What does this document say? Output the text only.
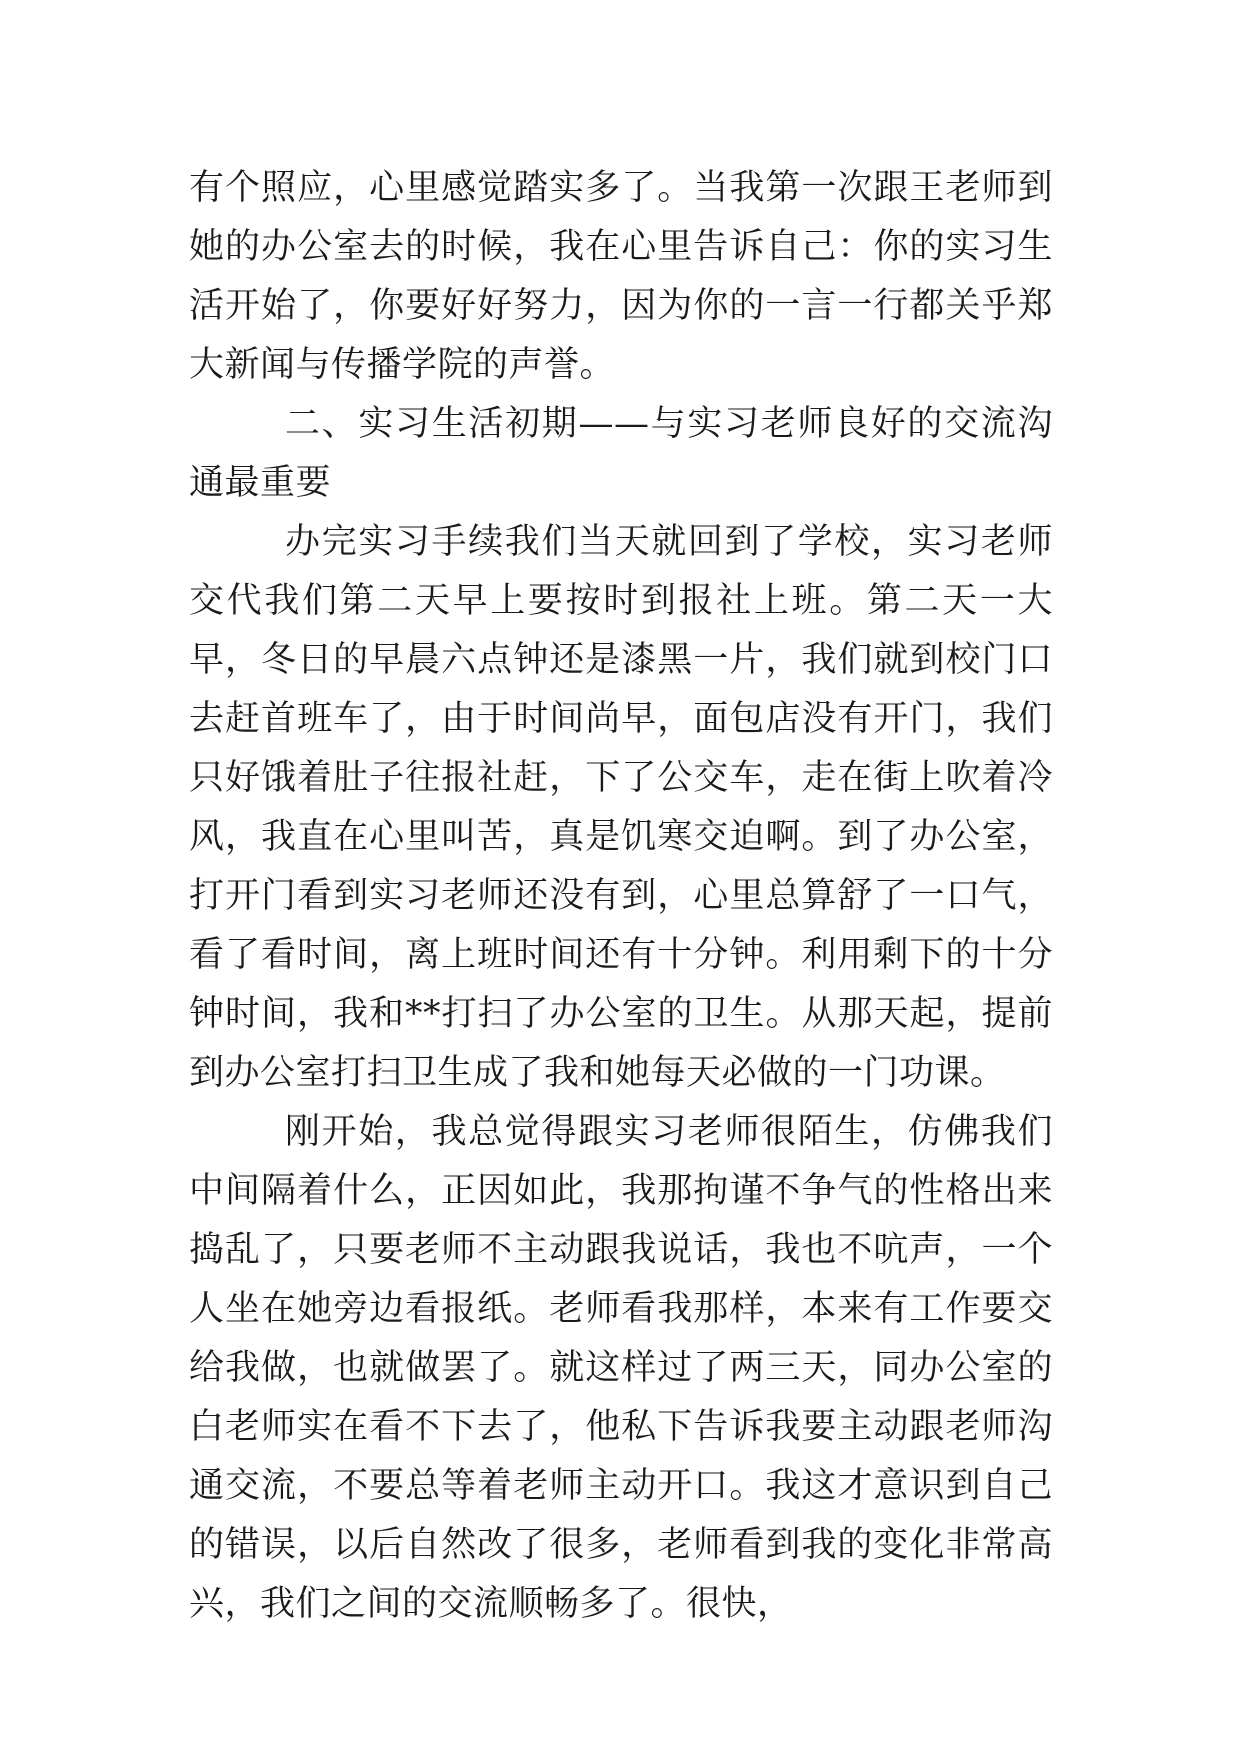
有个照应，心里感觉踏实多了。当我第一次跟王老师到她的办公室去的时候，我在心里告诉自己：你的实习生活开始了，你要好好努力，因为你的一言一行都关乎郑大新闻与传播学院的声誉。

二、实习生活初期——与实习老师良好的交流沟通最重要

办完实习手续我们当天就回到了学校，实习老师交代我们第二天早上要按时到报社上班。第二天一大早，冬日的早晨六点钟还是漆黑一片，我们就到校门口去赶首班车了，由于时间尚早，面包店没有开门，我们只好饿着肚子往报社赶，下了公交车，走在街上吹着冷风，我直在心里叫苦，真是饥寒交迫啊。到了办公室，打开门看到实习老师还没有到，心里总算舒了一口气，看了看时间，离上班时间还有十分钟。利用剩下的十分钟时间，我和**打扫了办公室的卫生。从那天起，提前到办公室打扫卫生成了我和她每天必做的一门功课。

刚开始，我总觉得跟实习老师很陌生，仿佛我们中间隔着什么，正因如此，我那拘谨不争气的性格出来捣乱了，只要老师不主动跟我说话，我也不吭声，一个人坐在她旁边看报纸。老师看我那样，本来有工作要交给我做，也就做罢了。就这样过了两三天，同办公室的白老师实在看不下去了，他私下告诉我要主动跟老师沟通交流，不要总等着老师主动开口。我这才意识到自己的错误，以后自然改了很多，老师看到我的变化非常高兴，我们之间的交流顺畅多了。很快，
